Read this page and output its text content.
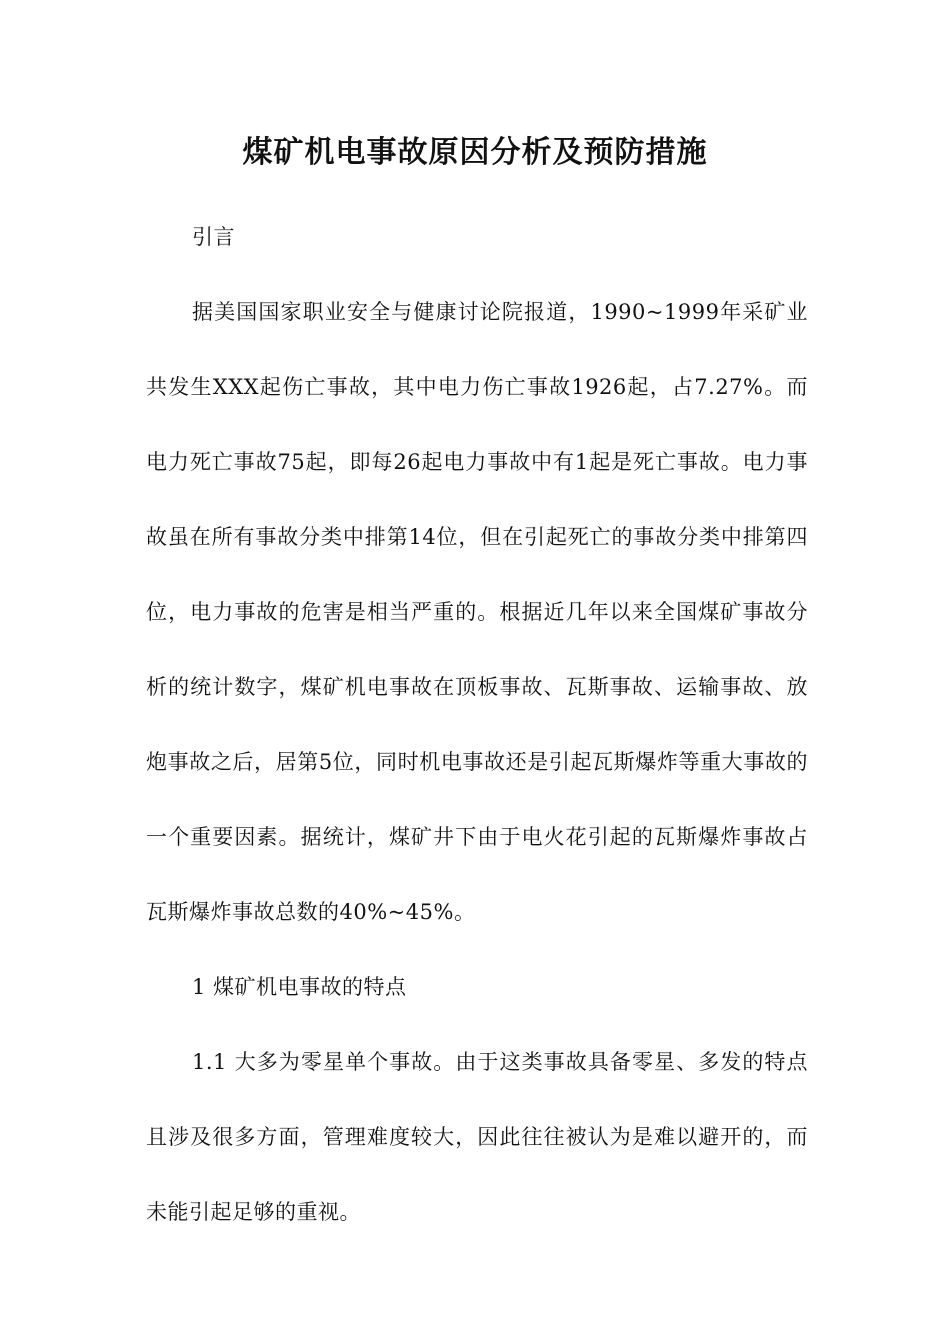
煤矿机电事故原因分析及预防措施

引言

据美国国家职业安全与健康讨论院报道，1990~1999年采矿业共发生XXX起伤亡事故，其中电力伤亡事故1926起，占7.27%。而电力死亡事故75起，即每26起电力事故中有1起是死亡事故。电力事故虽在所有事故分类中排第14位，但在引起死亡的事故分类中排第四位，电力事故的危害是相当严重的。根据近几年以来全国煤矿事故分析的统计数字，煤矿机电事故在顶板事故、瓦斯事故、运输事故、放炮事故之后，居第5位，同时机电事故还是引起瓦斯爆炸等重大事故的一个重要因素。据统计，煤矿井下由于电火花引起的瓦斯爆炸事故占瓦斯爆炸事故总数的40%~45%。

1 煤矿机电事故的特点

1.1 大多为零星单个事故。由于这类事故具备零星、多发的特点且涉及很多方面，管理难度较大，因此往往被认为是难以避开的，而未能引起足够的重视。
